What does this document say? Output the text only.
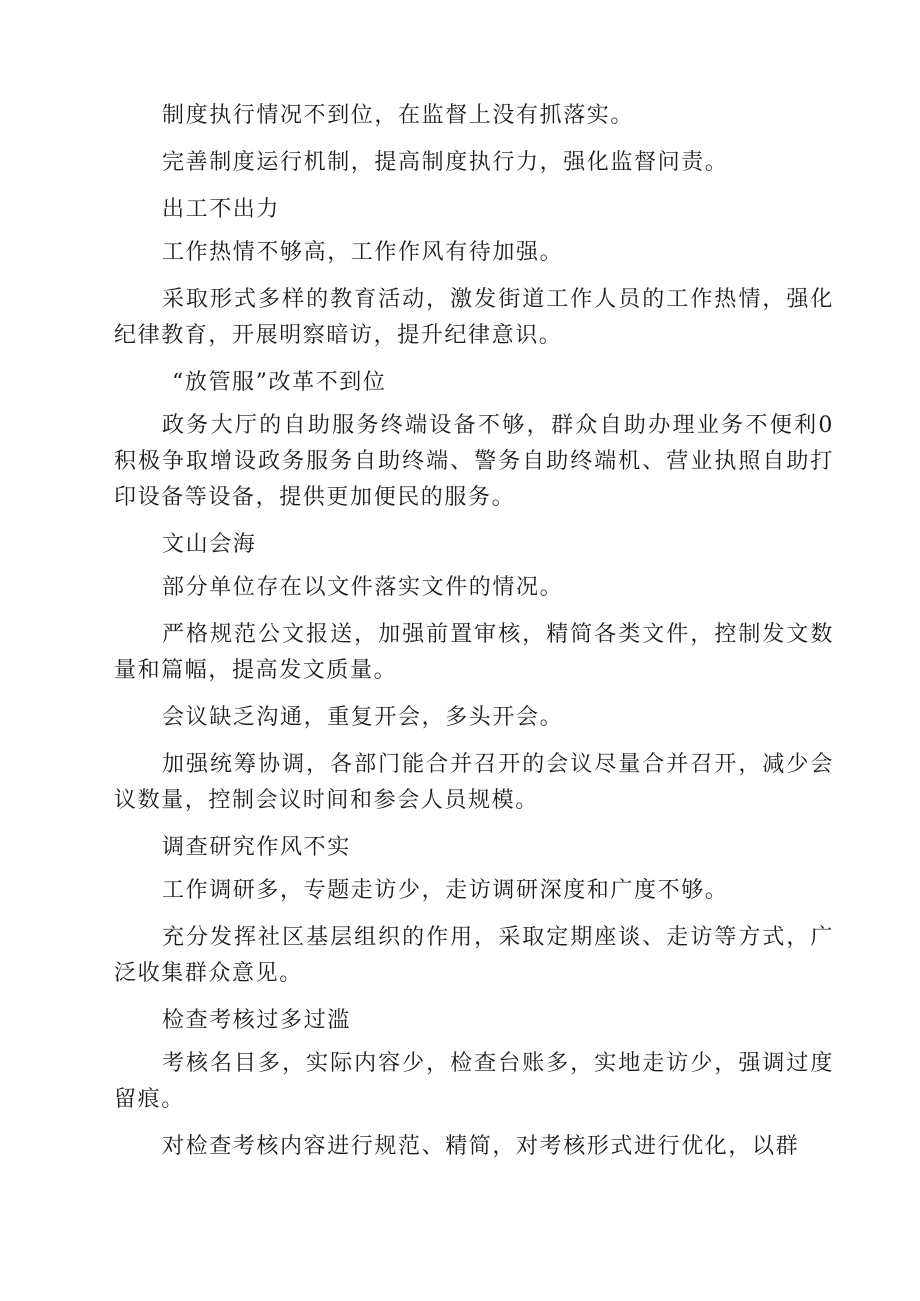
制度执行情况不到位，在监督上没有抓落实。

完善制度运行机制，提高制度执行力，强化监督问责。

出工不出力

工作热情不够高，工作作风有待加强。

采取形式多样的教育活动，激发街道工作人员的工作热情，强化纪律教育，开展明察暗访，提升纪律意识。

“放管服”改革不到位

政务大厅的自助服务终端设备不够，群众自助办理业务不便利0积极争取增设政务服务自助终端、警务自助终端机、营业执照自助打印设备等设备，提供更加便民的服务。

文山会海

部分单位存在以文件落实文件的情况。

严格规范公文报送，加强前置审核，精简各类文件，控制发文数量和篇幅，提高发文质量。

会议缺乏沟通，重复开会，多头开会。

加强统筹协调，各部门能合并召开的会议尽量合并召开，减少会议数量，控制会议时间和参会人员规模。

调查研究作风不实

工作调研多，专题走访少，走访调研深度和广度不够。

充分发挥社区基层组织的作用，采取定期座谈、走访等方式，广泛收集群众意见。

检查考核过多过滥

考核名目多，实际内容少，检查台账多，实地走访少，强调过度留痕。

对检查考核内容进行规范、精简，对考核形式进行优化，以群
